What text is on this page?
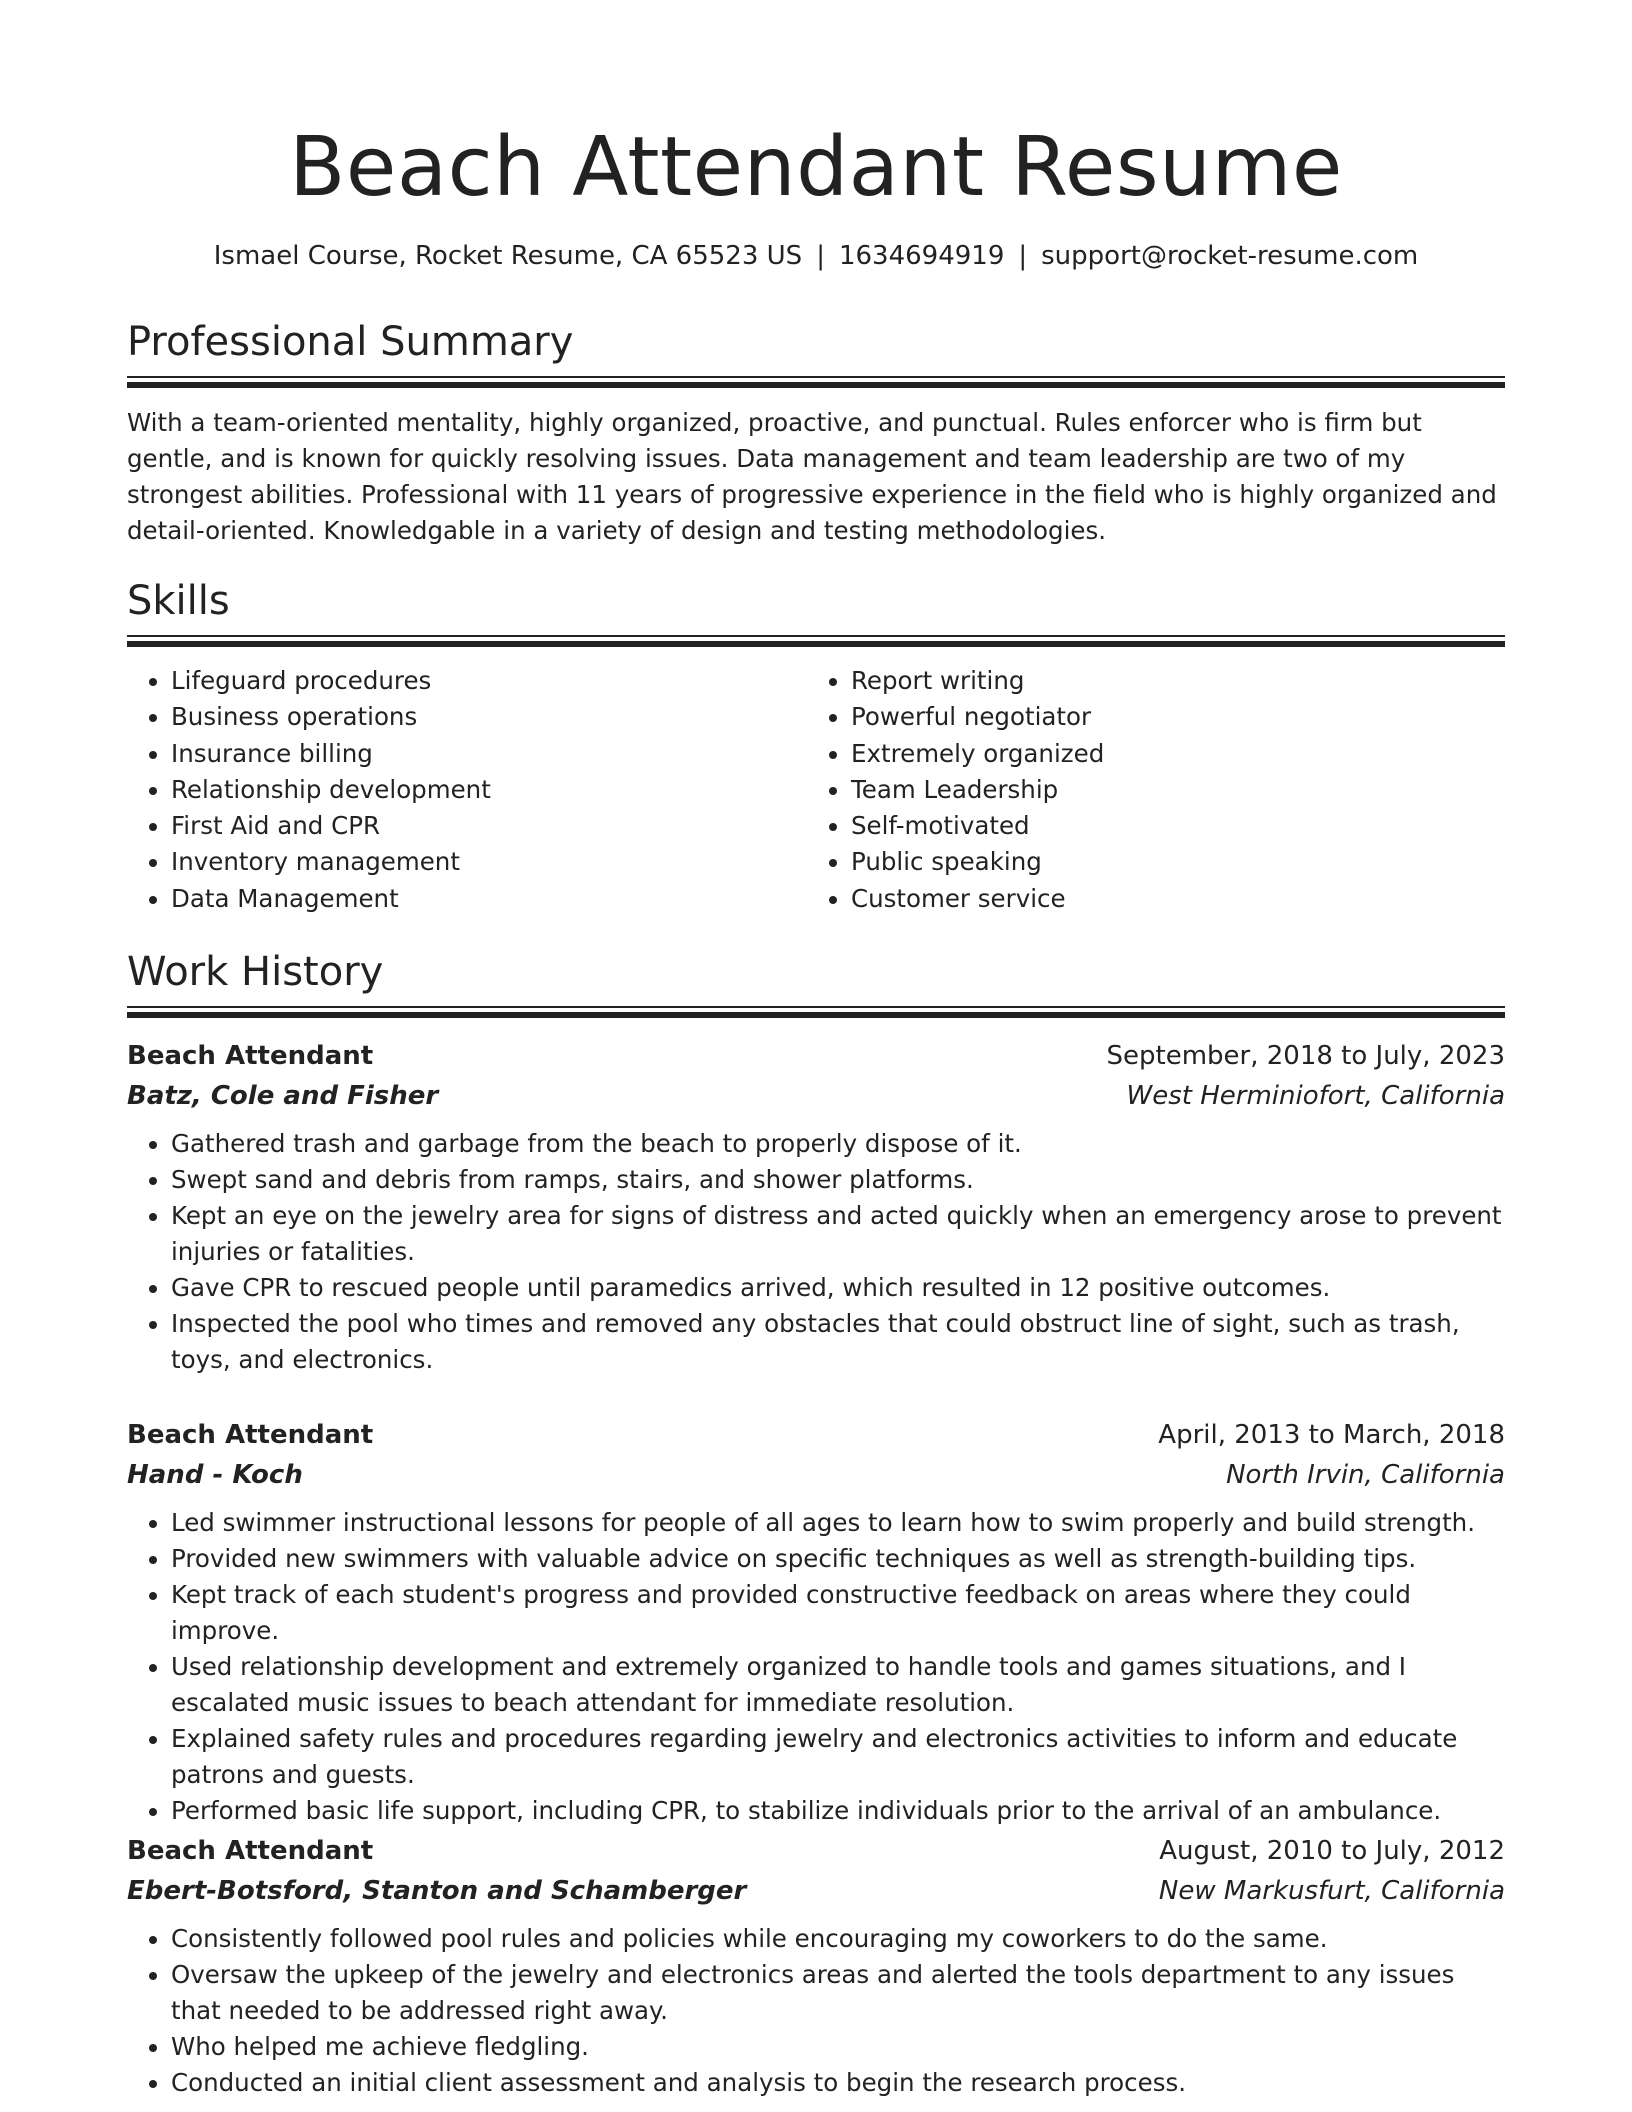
Beach Attendant Resume
Ismael Course, Rocket Resume, CA 65523 US | 1634694919 | support@rocket-resume.com
Professional Summary

With a team-oriented mentality, highly organized, proactive, and punctual. Rules enforcer who is firm but gentle, and is known for quickly resolving issues. Data management and team leadership are two of my strongest abilities. Professional with 11 years of progressive experience in the field who is highly organized and detail-oriented. Knowledgable in a variety of design and testing methodologies.

Skills
• Lifeguard procedures
• Business operations
• Insurance billing
• Relationship development
• First Aid and CPR
• Inventory management
• Data Management
• Report writing
• Powerful negotiator
• Extremely organized
• Team Leadership
• Self-motivated
• Public speaking
• Customer service
Work History
Beach Attendant	September, 2018 to July, 2023
Batz, Cole and Fisher	West Herminiofort, California
• Gathered trash and garbage from the beach to properly dispose of it.
• Swept sand and debris from ramps, stairs, and shower platforms.
• Kept an eye on the jewelry area for signs of distress and acted quickly when an emergency arose to prevent injuries or fatalities.
• Gave CPR to rescued people until paramedics arrived, which resulted in 12 positive outcomes.
• Inspected the pool who times and removed any obstacles that could obstruct line of sight, such as trash, toys, and electronics.
Beach Attendant	April, 2013 to March, 2018
Hand - Koch	North Irvin, California
• Led swimmer instructional lessons for people of all ages to learn how to swim properly and build strength.
• Provided new swimmers with valuable advice on specific techniques as well as strength-building tips.
• Kept track of each student's progress and provided constructive feedback on areas where they could improve.
• Used relationship development and extremely organized to handle tools and games situations, and I escalated music issues to beach attendant for immediate resolution.
• Explained safety rules and procedures regarding jewelry and electronics activities to inform and educate patrons and guests.
• Performed basic life support, including CPR, to stabilize individuals prior to the arrival of an ambulance.
Beach Attendant	August, 2010 to July, 2012
Ebert-Botsford, Stanton and Schamberger	New Markusfurt, California
• Consistently followed pool rules and policies while encouraging my coworkers to do the same.
• Oversaw the upkeep of the jewelry and electronics areas and alerted the tools department to any issues that needed to be addressed right away.
• Who helped me achieve fledgling.
• Conducted an initial client assessment and analysis to begin the research process.
